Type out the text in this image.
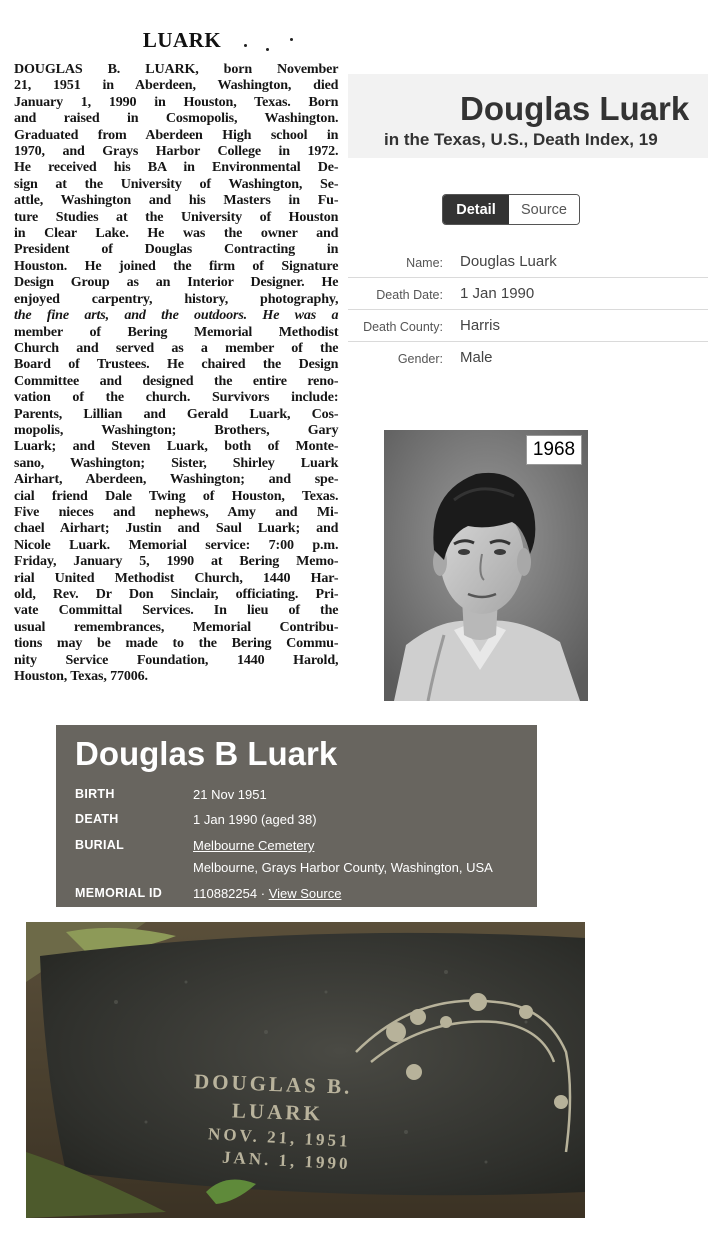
LUARK
DOUGLAS B. LUARK, born November
21, 1951 in Aberdeen, Washington, died
January 1, 1990 in Houston, Texas. Born
and raised in Cosmopolis, Washington.
Graduated from Aberdeen High school in
1970, and Grays Harbor College in 1972.
He received his BA in Environmental De-
sign at the University of Washington, Se-
attle, Washington and his Masters in Fu-
ture Studies at the University of Houston
in Clear Lake. He was the owner and
President of Douglas Contracting in
Houston. He joined the firm of Signature
Design Group as an Interior Designer. He
enjoyed carpentry, history, photography,
the fine arts, and the outdoors. He was a
member of Bering Memorial Methodist
Church and served as a member of the
Board of Trustees. He chaired the Design
Committee and designed the entire reno-
vation of the church. Survivors include:
Parents, Lillian and Gerald Luark, Cos-
mopolis, Washington; Brothers, Gary
Luark; and Steven Luark, both of Monte-
sano, Washington; Sister, Shirley Luark
Airhart, Aberdeen, Washington; and spe-
cial friend Dale Twing of Houston, Texas.
Five nieces and nephews, Amy and Mi-
chael Airhart; Justin and Saul Luark; and
Nicole Luark. Memorial service: 7:00 p.m.
Friday, January 5, 1990 at Bering Memo-
rial United Methodist Church, 1440 Har-
old, Rev. Dr Don Sinclair, officiating. Pri-
vate Committal Services. In lieu of the
usual remembrances, Memorial Contribu-
tions may be made to the Bering Commu-
nity Service Foundation, 1440 Harold,
Houston, Texas, 77006.
Douglas Luark
in the Texas, U.S., Death Index, 19
Detail	Source
Name: Douglas Luark
Death Date: 1 Jan 1990
Death County: Harris
Gender: Male
1968
Douglas B Luark
BIRTH	21 Nov 1951
DEATH	1 Jan 1990 (aged 38)
BURIAL	Melbourne Cemetery
Melbourne, Grays Harbor County, Washington, USA
MEMORIAL ID 110882254 · View Source
DOUGLAS B.
LUARK
NOV. 21, 1951
JAN. 1, 1990
